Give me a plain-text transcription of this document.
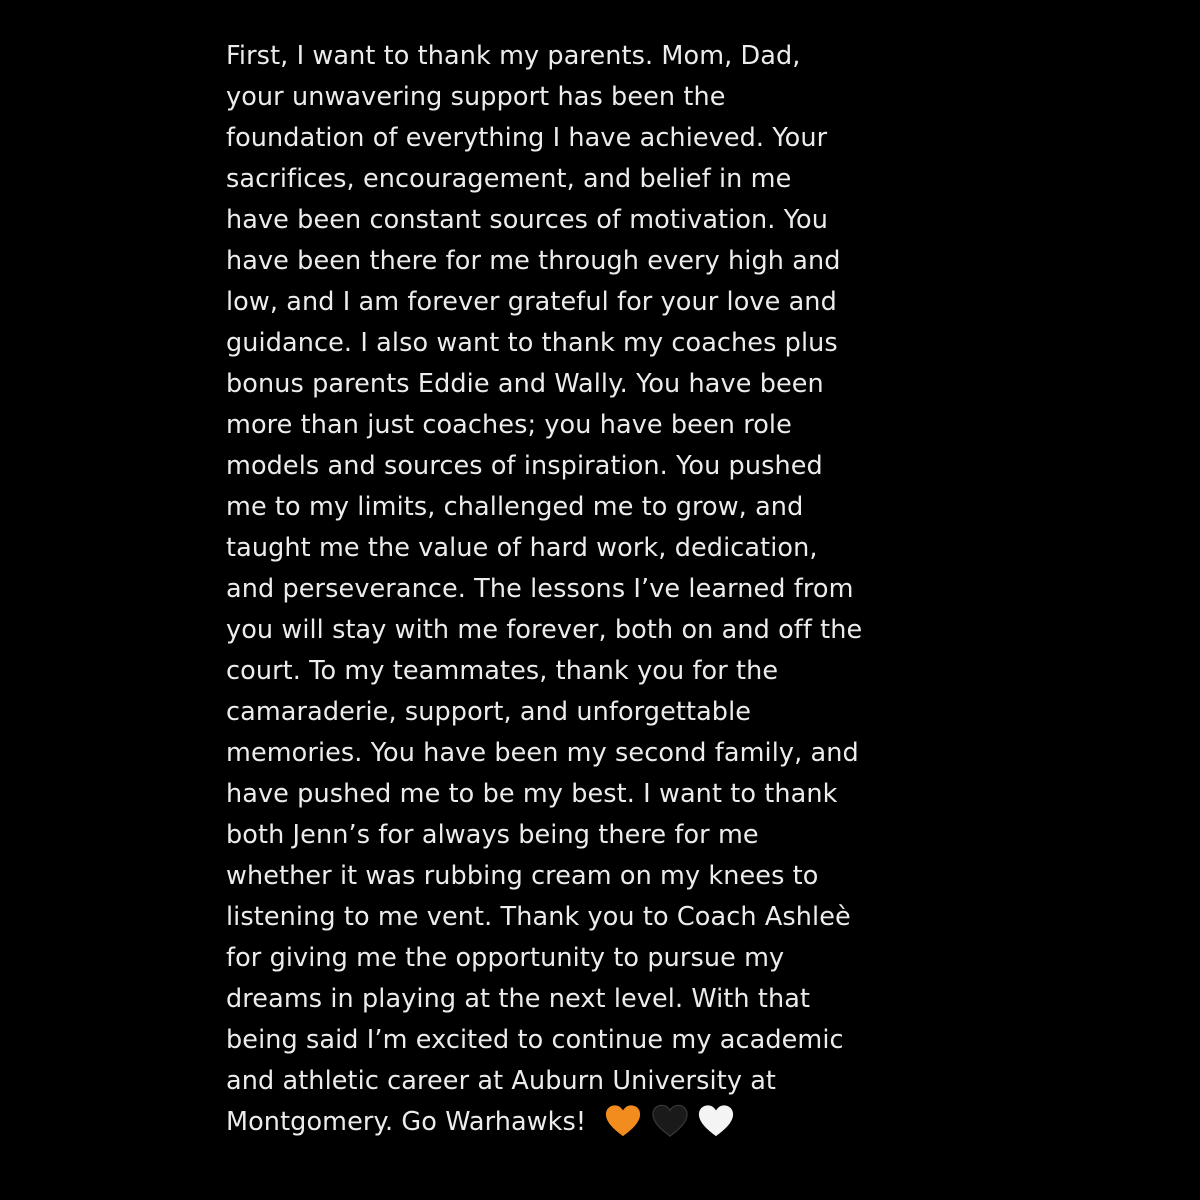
First, I want to thank my parents. Mom, Dad,
your unwavering support has been the
foundation of everything I have achieved. Your
sacrifices, encouragement, and belief in me
have been constant sources of motivation. You
have been there for me through every high and
low, and I am forever grateful for your love and
guidance. I also want to thank my coaches plus
bonus parents Eddie and Wally. You have been
more than just coaches; you have been role
models and sources of inspiration. You pushed
me to my limits, challenged me to grow, and
taught me the value of hard work, dedication,
and perseverance. The lessons I’ve learned from
you will stay with me forever, both on and off the
court. To my teammates, thank you for the
camaraderie, support, and unforgettable
memories. You have been my second family, and
have pushed me to be my best. I want to thank
both Jenn’s for always being there for me
whether it was rubbing cream on my knees to
listening to me vent. Thank you to Coach Ashleè
for giving me the opportunity to pursue my
dreams in playing at the next level. With that
being said I’m excited to continue my academic
and athletic career at Auburn University at
Montgomery. Go Warhawks!
